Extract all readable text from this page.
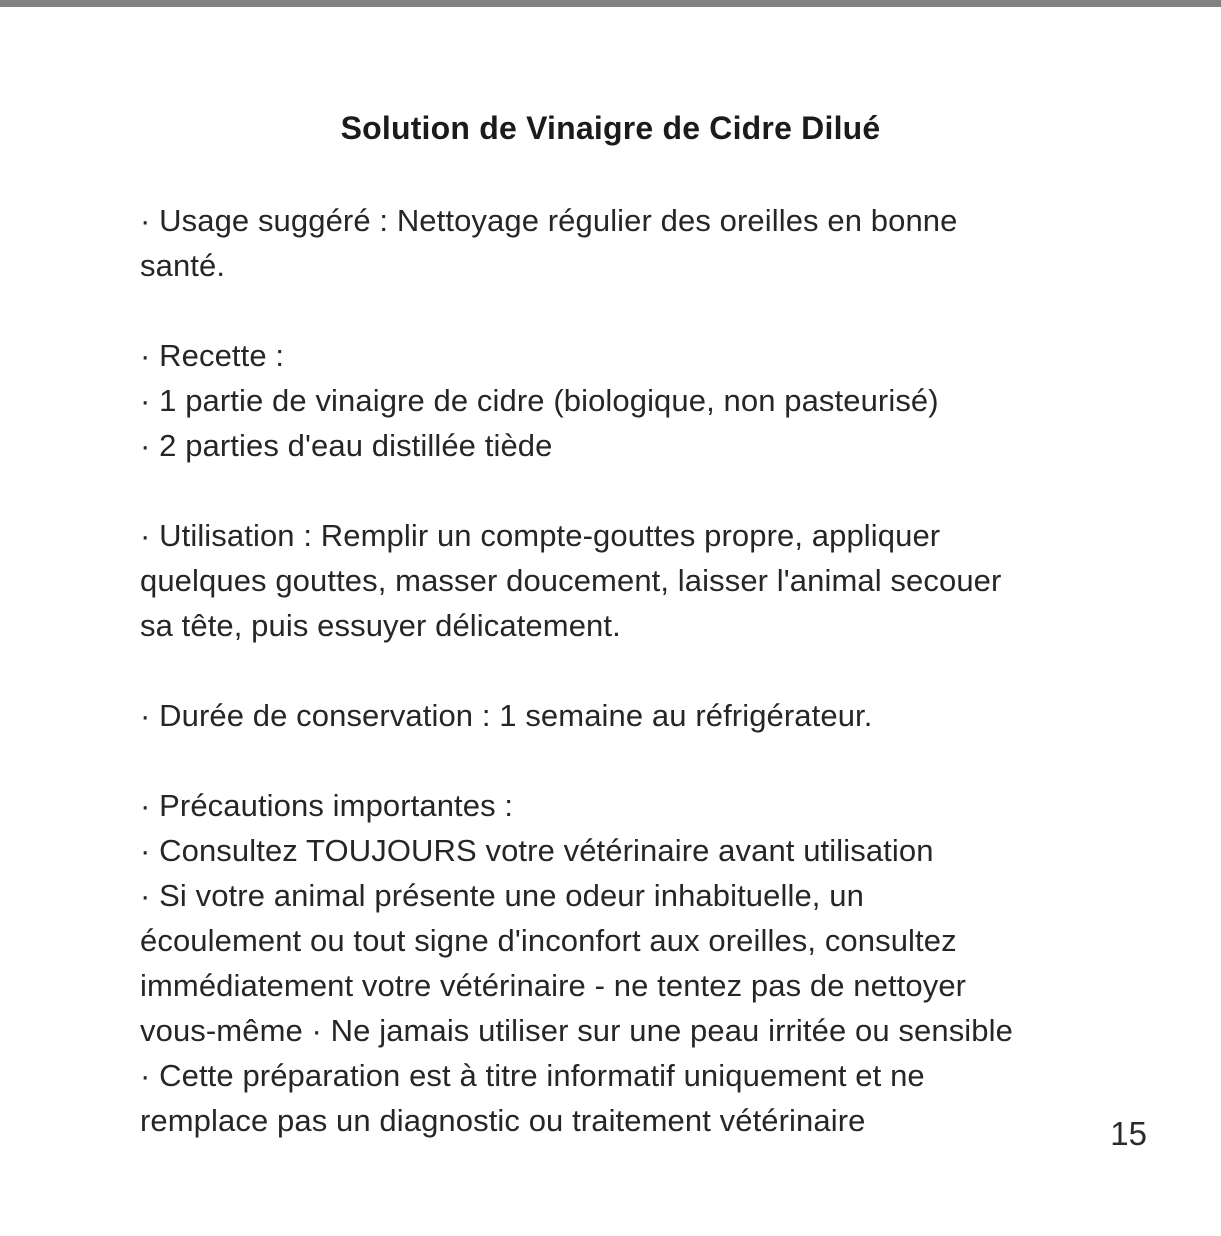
Solution de Vinaigre de Cidre Dilué
· Usage suggéré : Nettoyage régulier des oreilles en bonne
santé.
· Recette :
· 1 partie de vinaigre de cidre (biologique, non pasteurisé)
· 2 parties d'eau distillée tiède
· Utilisation : Remplir un compte-gouttes propre, appliquer
quelques gouttes, masser doucement, laisser l'animal secouer
sa tête, puis essuyer délicatement.
· Durée de conservation : 1 semaine au réfrigérateur.
· Précautions importantes :
· Consultez TOUJOURS votre vétérinaire avant utilisation
· Si votre animal présente une odeur inhabituelle, un
écoulement ou tout signe d'inconfort aux oreilles, consultez
immédiatement votre vétérinaire - ne tentez pas de nettoyer
vous-même · Ne jamais utiliser sur une peau irritée ou sensible
· Cette préparation est à titre informatif uniquement et ne
remplace pas un diagnostic ou traitement vétérinaire	15
